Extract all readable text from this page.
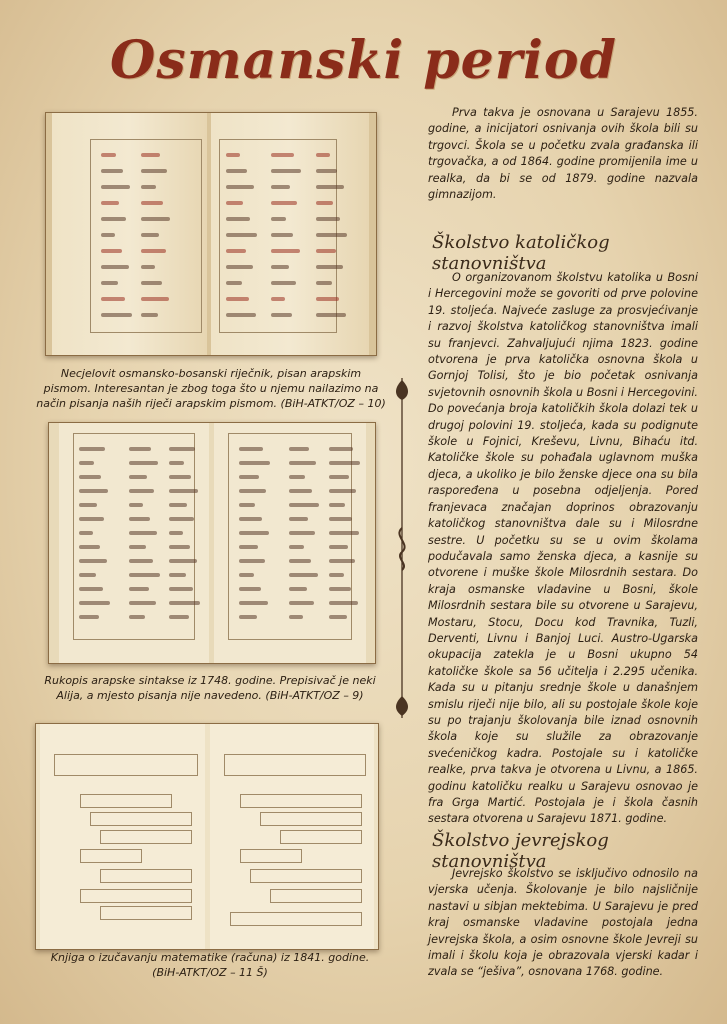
Osmanski period
Necjelovit osmansko-bosanski riječnik, pisan arapskim pismom. Interesantan je zbog toga što u njemu nailazimo na način pisanja naših riječi arapskim pismom. (BiH-ATKT/OZ – 10)
Rukopis arapske sintakse iz 1748. godine. Prepisivač je neki Alija, a mjesto pisanja nije navedeno. (BiH-ATKT/OZ – 9)
Knjiga o izučavanju matematike (računa) iz 1841. godine. (BiH-ATKT/OZ – 11 Š)

Prva takva je osnovana u Sarajevu 1855. godine, a inicijatori osnivanja ovih škola bili su trgovci. Škola se u početku zvala građanska ili trgovačka, a od 1864. godine promijenila ime u realka, da bi se od 1879. godine nazvala gimnazijom.

Školstvo katoličkog stanovništva

O organizovanom školstvu katolika u Bosni i Hercegovini može se govoriti od prve polovine 19. stoljeća. Najveće zasluge za prosvjećivanje i razvoj školstva katoličkog stanovništva imali su franjevci. Zahvaljujući njima 1823. godine otvorena je prva katolička osnovna škola u Gornjoj Tolisi, što je bio početak osnivanja svjetovnih osnovnih škola u Bosni i Hercegovini. Do povećanja broja katoličkih škola dolazi tek u drugoj polovini 19. stoljeća, kada su podignute škole u Fojnici, Kreševu, Livnu, Bihaću itd. Katoličke škole su pohađala uglavnom muška djeca, a ukoliko je bilo ženske djece ona su bila raspoređena u posebna odjeljenja. Pored franjevaca značajan doprinos obrazovanju katoličkog stanovništva dale su i Milosrdne sestre. U početku su se u ovim školama podučavala samo ženska djeca, a kasnije su otvorene i muške škole Milosrdnih sestara. Do kraja osmanske vladavine u Bosni, škole Milosrdnih sestara bile su otvorene u Sarajevu, Mostaru, Stocu, Docu kod Travnika, Tuzli, Derventi, Livnu i Banjoj Luci. Austro-Ugarska okupacija zatekla je u Bosni ukupno 54 katoličke škole sa 56 učitelja i 2.295 učenika. Kada su u pitanju srednje škole u današnjem smislu riječi nije bilo, ali su postojale škole koje su po trajanju školovanja bile iznad osnovnih škola koje su služile za obrazovanje svećeničkog kadra. Postojale su i katoličke realke, prva takva je otvorena u Livnu, a 1865. godinu katoličku realku u Sarajevu osnovao je fra Grga Martić. Postojala je i škola časnih sestara otvorena u Sarajevu 1871. godine.

Školstvo jevrejskog stanovništva

Jevrejsko školstvo se isključivo odnosilo na vjerska učenja. Školovanje je bilo najsličnije nastavi u sibjan mektebima. U Sarajevu je pred kraj osmanske vladavine postojala jedna jevrejska škola, a osim osnovne škole Jevreji su imali i školu koja je obrazovala vjerski kadar i zvala se “ješiva”, osnovana 1768. godine.
